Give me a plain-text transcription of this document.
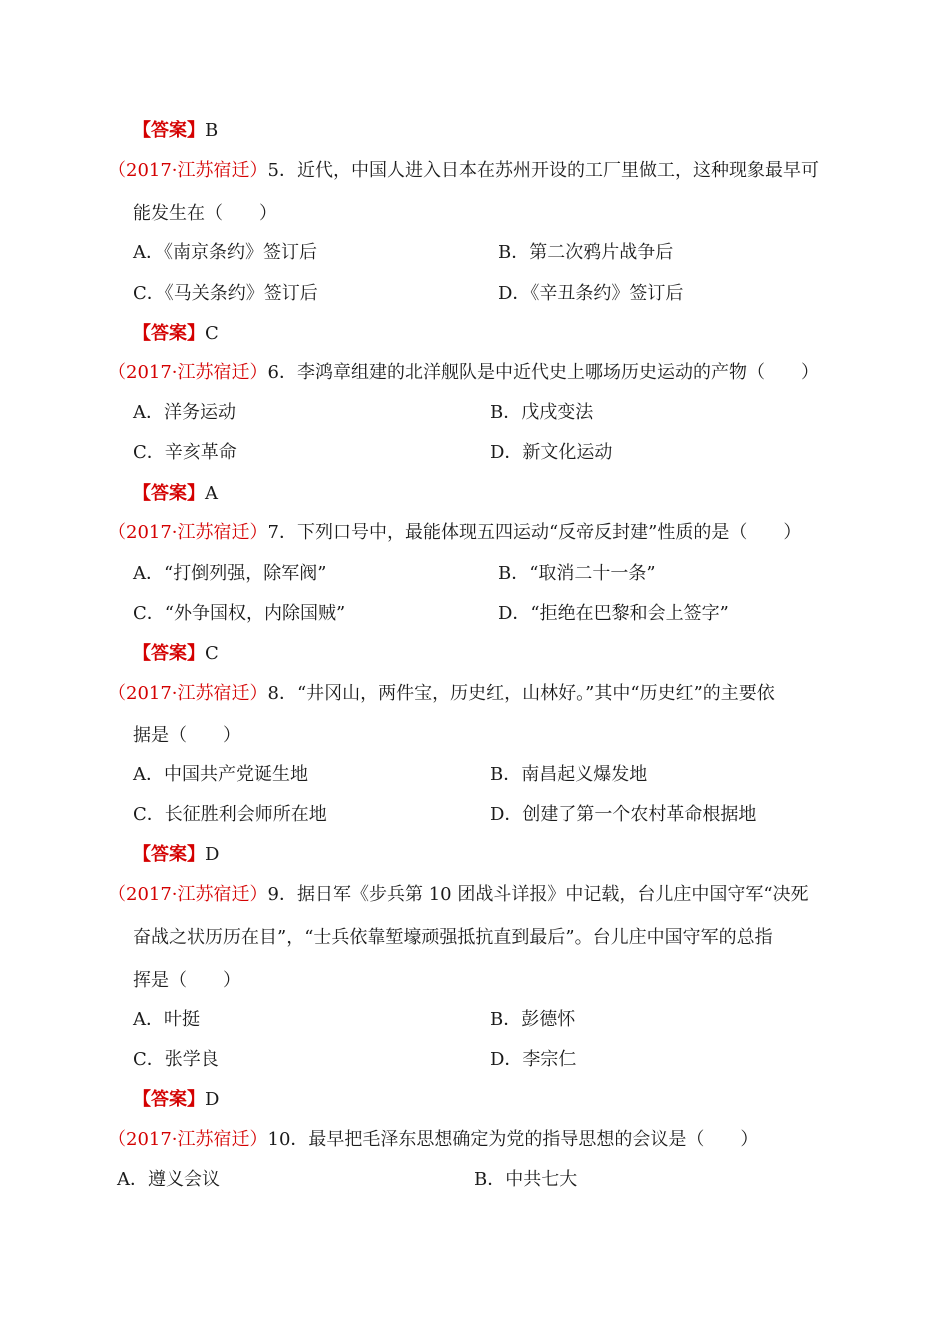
【答案】B
（2017·江苏宿迁）5．近代，中国人进入日本在苏州开设的工厂里做工，这种现象最早可
能发生在（　　）
A．《南京条约》签订后	B．第二次鸦片战争后
C．《马关条约》签订后	D．《辛丑条约》签订后
【答案】C
（2017·江苏宿迁）6．李鸿章组建的北洋舰队是中近代史上哪场历史运动的产物（　　）
A．洋务运动	B．戊戌变法
C．辛亥革命	D．新文化运动
【答案】A
（2017·江苏宿迁）7．下列口号中，最能体现五四运动“反帝反封建”性质的是（　　）
A．“打倒列强，除军阀”	B．“取消二十一条”
C．“外争国权，内除国贼”	D．“拒绝在巴黎和会上签字”
【答案】C
（2017·江苏宿迁）8．“井冈山，两件宝，历史红，山林好。”其中“历史红”的主要依
据是（　　）
A．中国共产党诞生地	B．南昌起义爆发地
C．长征胜利会师所在地	D．创建了第一个农村革命根据地
【答案】D
（2017·江苏宿迁）9．据日军《步兵第 10 团战斗详报》中记载，台儿庄中国守军“决死
奋战之状历历在目”，“士兵依靠堑壕顽强抵抗直到最后”。台儿庄中国守军的总指
挥是（　　）
A．叶挺	B．彭德怀
C．张学良	D．李宗仁
【答案】D
（2017·江苏宿迁）10．最早把毛泽东思想确定为党的指导思想的会议是（　　）
A．遵义会议	B．中共七大
